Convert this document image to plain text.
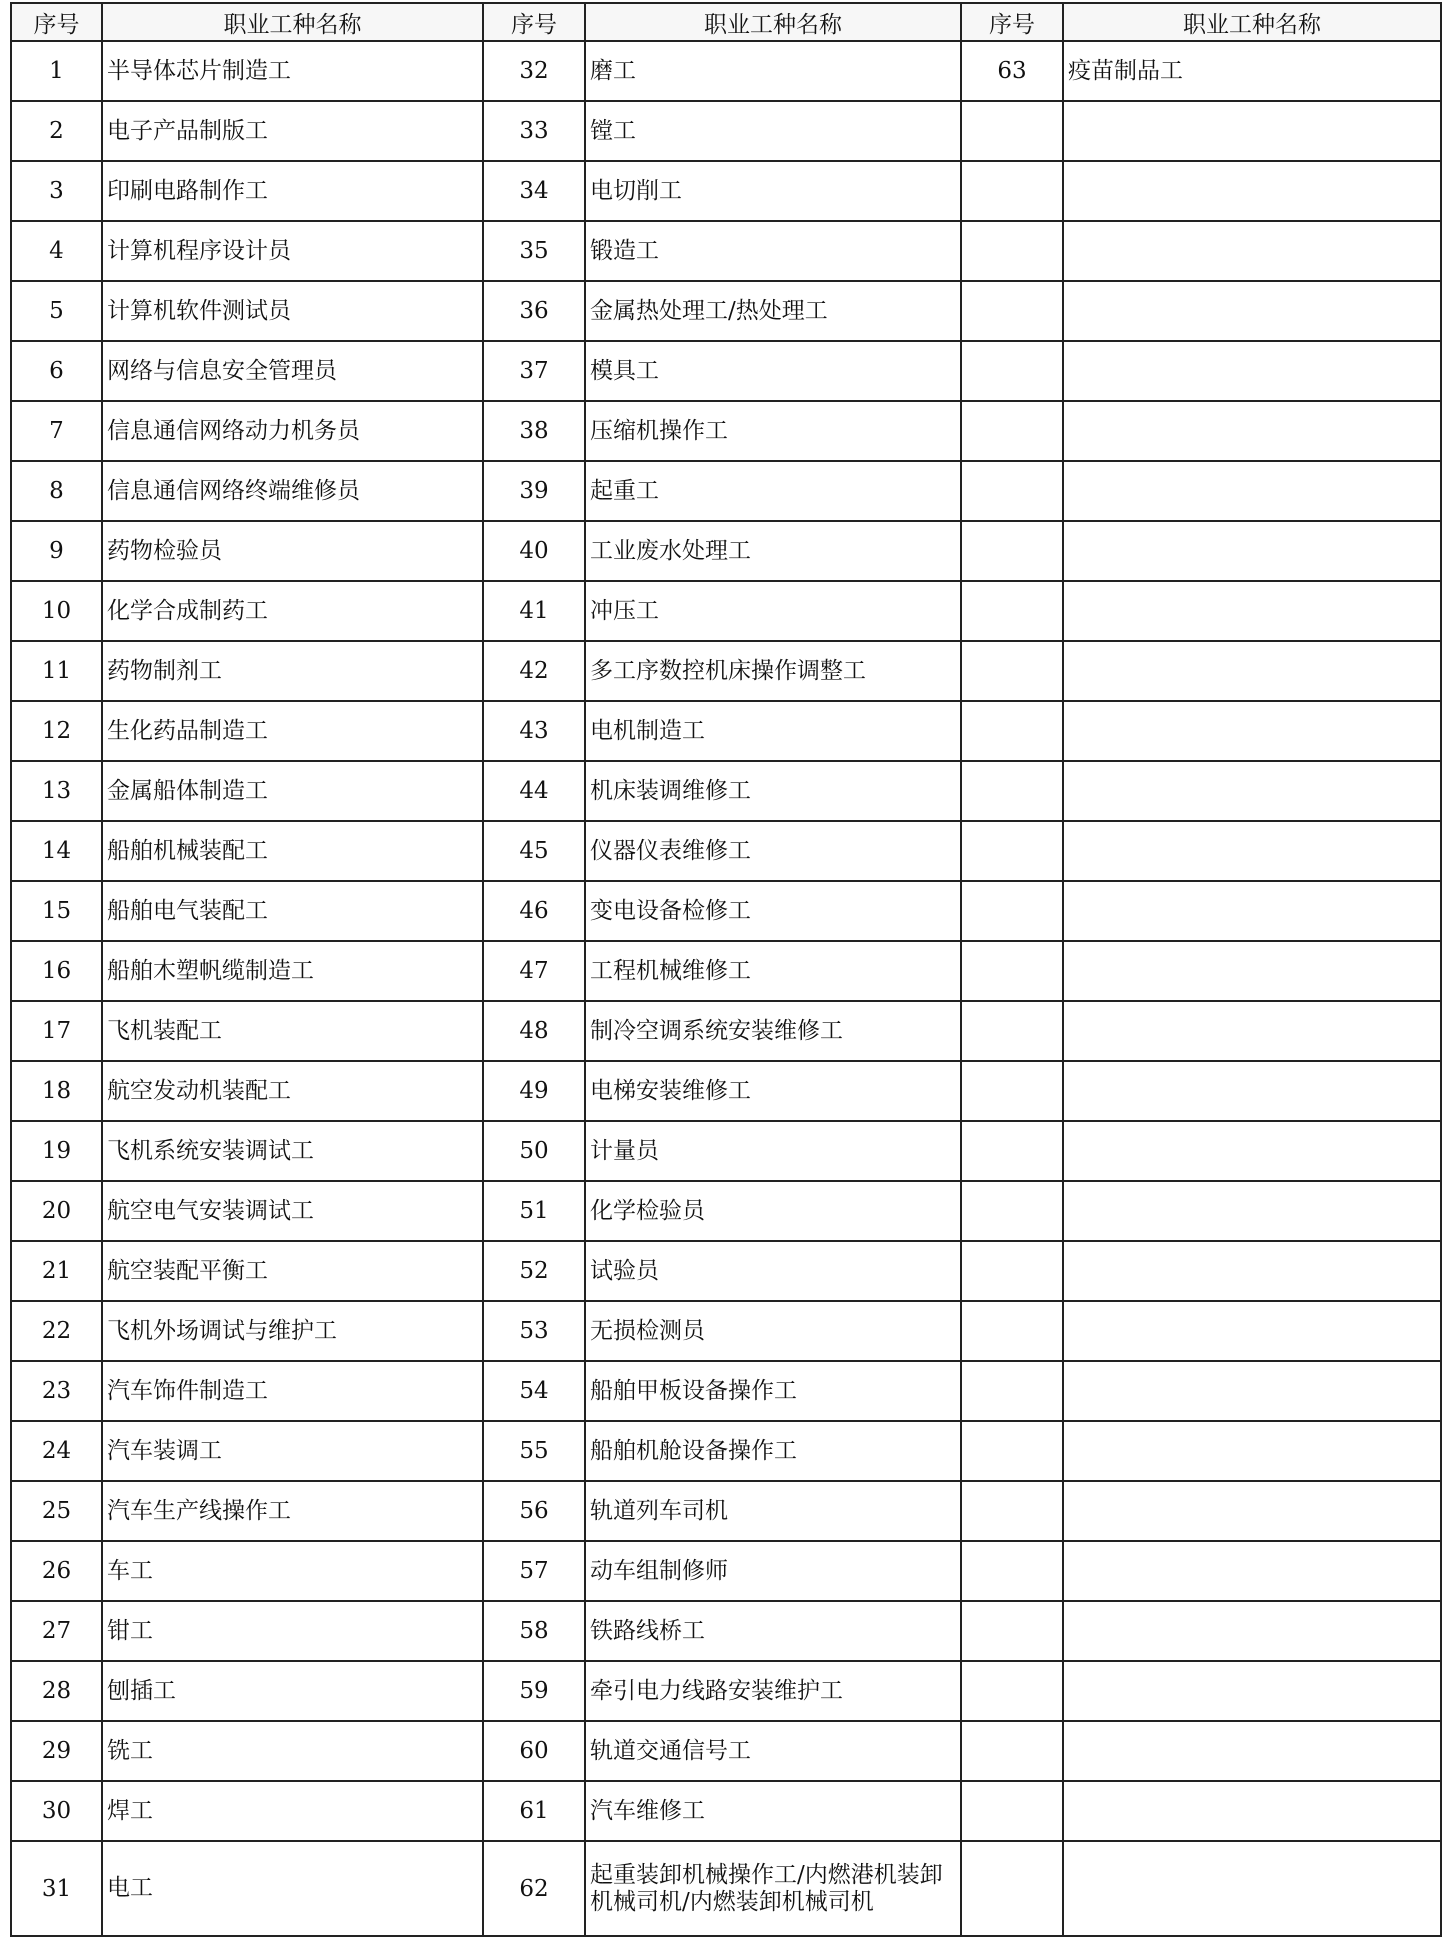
序号	职业工种名称	序号	职业工种名称	序号	职业工种名称
1	半导体芯片制造工	32	磨工	63	疫苗制品工
2	电子产品制版工	33	镗工		
3	印刷电路制作工	34	电切削工		
4	计算机程序设计员	35	锻造工		
5	计算机软件测试员	36	金属热处理工/热处理工		
6	网络与信息安全管理员	37	模具工		
7	信息通信网络动力机务员	38	压缩机操作工		
8	信息通信网络终端维修员	39	起重工		
9	药物检验员	40	工业废水处理工		
10	化学合成制药工	41	冲压工		
11	药物制剂工	42	多工序数控机床操作调整工		
12	生化药品制造工	43	电机制造工		
13	金属船体制造工	44	机床装调维修工		
14	船舶机械装配工	45	仪器仪表维修工		
15	船舶电气装配工	46	变电设备检修工		
16	船舶木塑帆缆制造工	47	工程机械维修工		
17	飞机装配工	48	制冷空调系统安装维修工		
18	航空发动机装配工	49	电梯安装维修工		
19	飞机系统安装调试工	50	计量员		
20	航空电气安装调试工	51	化学检验员		
21	航空装配平衡工	52	试验员		
22	飞机外场调试与维护工	53	无损检测员		
23	汽车饰件制造工	54	船舶甲板设备操作工		
24	汽车装调工	55	船舶机舱设备操作工		
25	汽车生产线操作工	56	轨道列车司机		
26	车工	57	动车组制修师		
27	钳工	58	铁路线桥工		
28	刨插工	59	牵引电力线路安装维护工		
29	铣工	60	轨道交通信号工		
30	焊工	61	汽车维修工		
31	电工	62	起重装卸机械操作工/内燃港机装卸机械司机/内燃装卸机械司机		
